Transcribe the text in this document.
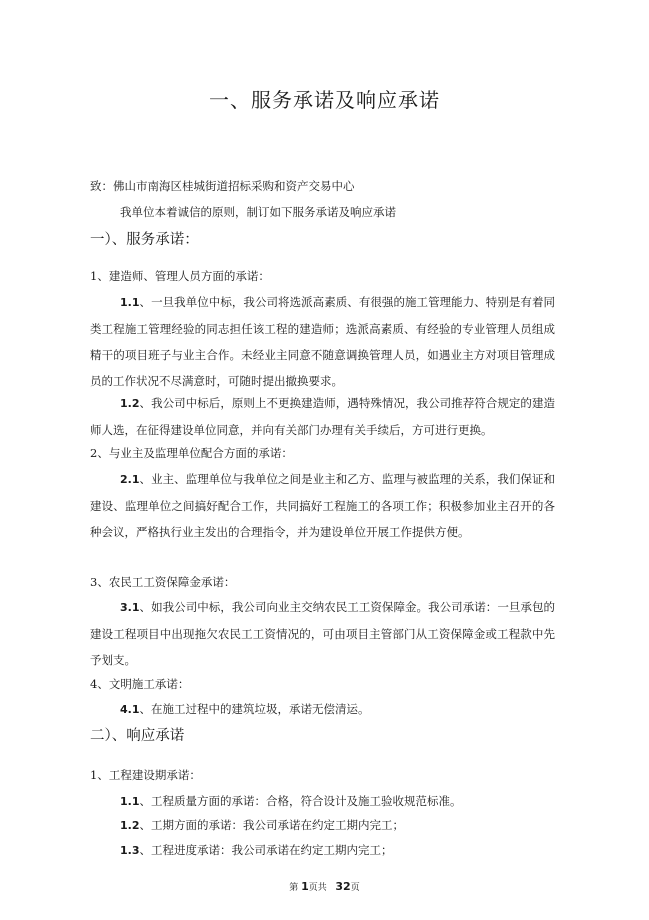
一、服务承诺及响应承诺
致：佛山市南海区桂城街道招标采购和资产交易中心
我单位本着诚信的原则，制订如下服务承诺及响应承诺
一）、服务承诺：
1、建造师、管理人员方面的承诺：

1.1、一旦我单位中标，我公司将选派高素质、有很强的施工管理能力、特别是有着同类工程施工管理经验的同志担任该工程的建造师；选派高素质、有经验的专业管理人员组成精干的项目班子与业主合作。未经业主同意不随意调换管理人员，如遇业主方对项目管理成员的工作状况不尽满意时，可随时提出撤换要求。

1.2、我公司中标后，原则上不更换建造师，遇特殊情况，我公司推荐符合规定的建造师人选，在征得建设单位同意，并向有关部门办理有关手续后，方可进行更换。

2、与业主及监理单位配合方面的承诺：

2.1、业主、监理单位与我单位之间是业主和乙方、监理与被监理的关系，我们保证和建设、监理单位之间搞好配合工作，共同搞好工程施工的各项工作；积极参加业主召开的各种会议，严格执行业主发出的合理指令，并为建设单位开展工作提供方便。

3、农民工工资保障金承诺：

3.1、如我公司中标，我公司向业主交纳农民工工资保障金。我公司承诺：一旦承包的建设工程项目中出现拖欠农民工工资情况的，可由项目主管部门从工资保障金或工程款中先予划支。

4、文明施工承诺：
4.1、在施工过程中的建筑垃圾，承诺无偿清运。
二）、响应承诺
1、工程建设期承诺：
1.1、工程质量方面的承诺：合格，符合设计及施工验收规范标准。
1.2、工期方面的承诺：我公司承诺在约定工期内完工；
1.3、工程进度承诺：我公司承诺在约定工期内完工；
第 1页共 32页
